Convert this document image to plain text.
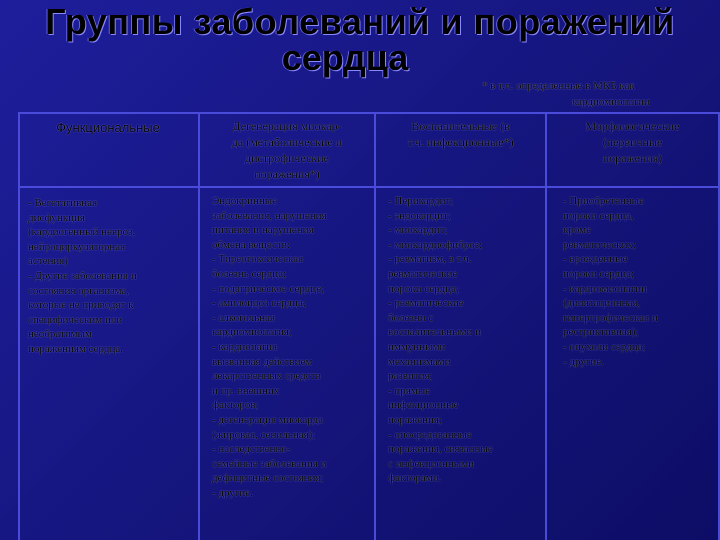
Группы заболеваний и поражений
сердца
* в т.ч. определенные в МКБ как
кардиомиопатии
Функциональные	Дегенерация миокар-
да (метаболические и
дистрофические
поражения*)
Воспалительные (в
т.ч. инфекционные*)
Морфологические
(первичные
поражения)
- Вегетативная
дисфункция
(кардиогенный невроз,
нейроциркуляторная
астения)
- Другие заболевания и
состояния организма,
которые не приводят к
специфическим или
необратимым
поражениям сердца.
Эндокринные
заболевания, нарушения
питания и нарушения
обмена веществ:
- Тиреотоксическая
болезнь сердца;
- подагрическое сердце;
- амилоидоз сердца;
- алкогольная
кардиомиопатия;
- кардиопатия
вызванная действием
лекарственных средств
и пр. внешних
факторов;
- дегенерация миокарда
(жировая, сенильная);
- наследственно-
семейные заболевания и
дефицитные состояния;
- другие.
- Перикардит;
- эндокардит;
- миокардит;
- миокардиофиброз;
- ревматизм, в т.ч.
ревматические
пороки сердца;
- ревматические
болезни с
воспалительными и
иммунными
механизмами
развития;
- прямые
инфекционные
поражения;
- опосредованные
поражения, связанные
с инфекционными
факторами.
- Приобретенные
пороки сердца,
кроме
ревматических;
- врожденные
пороки сердца;
- кардиомиопатии
(дилятационная,
гипертрофическая и
рестриктивная);
- опухоли сердца;
- другие.
